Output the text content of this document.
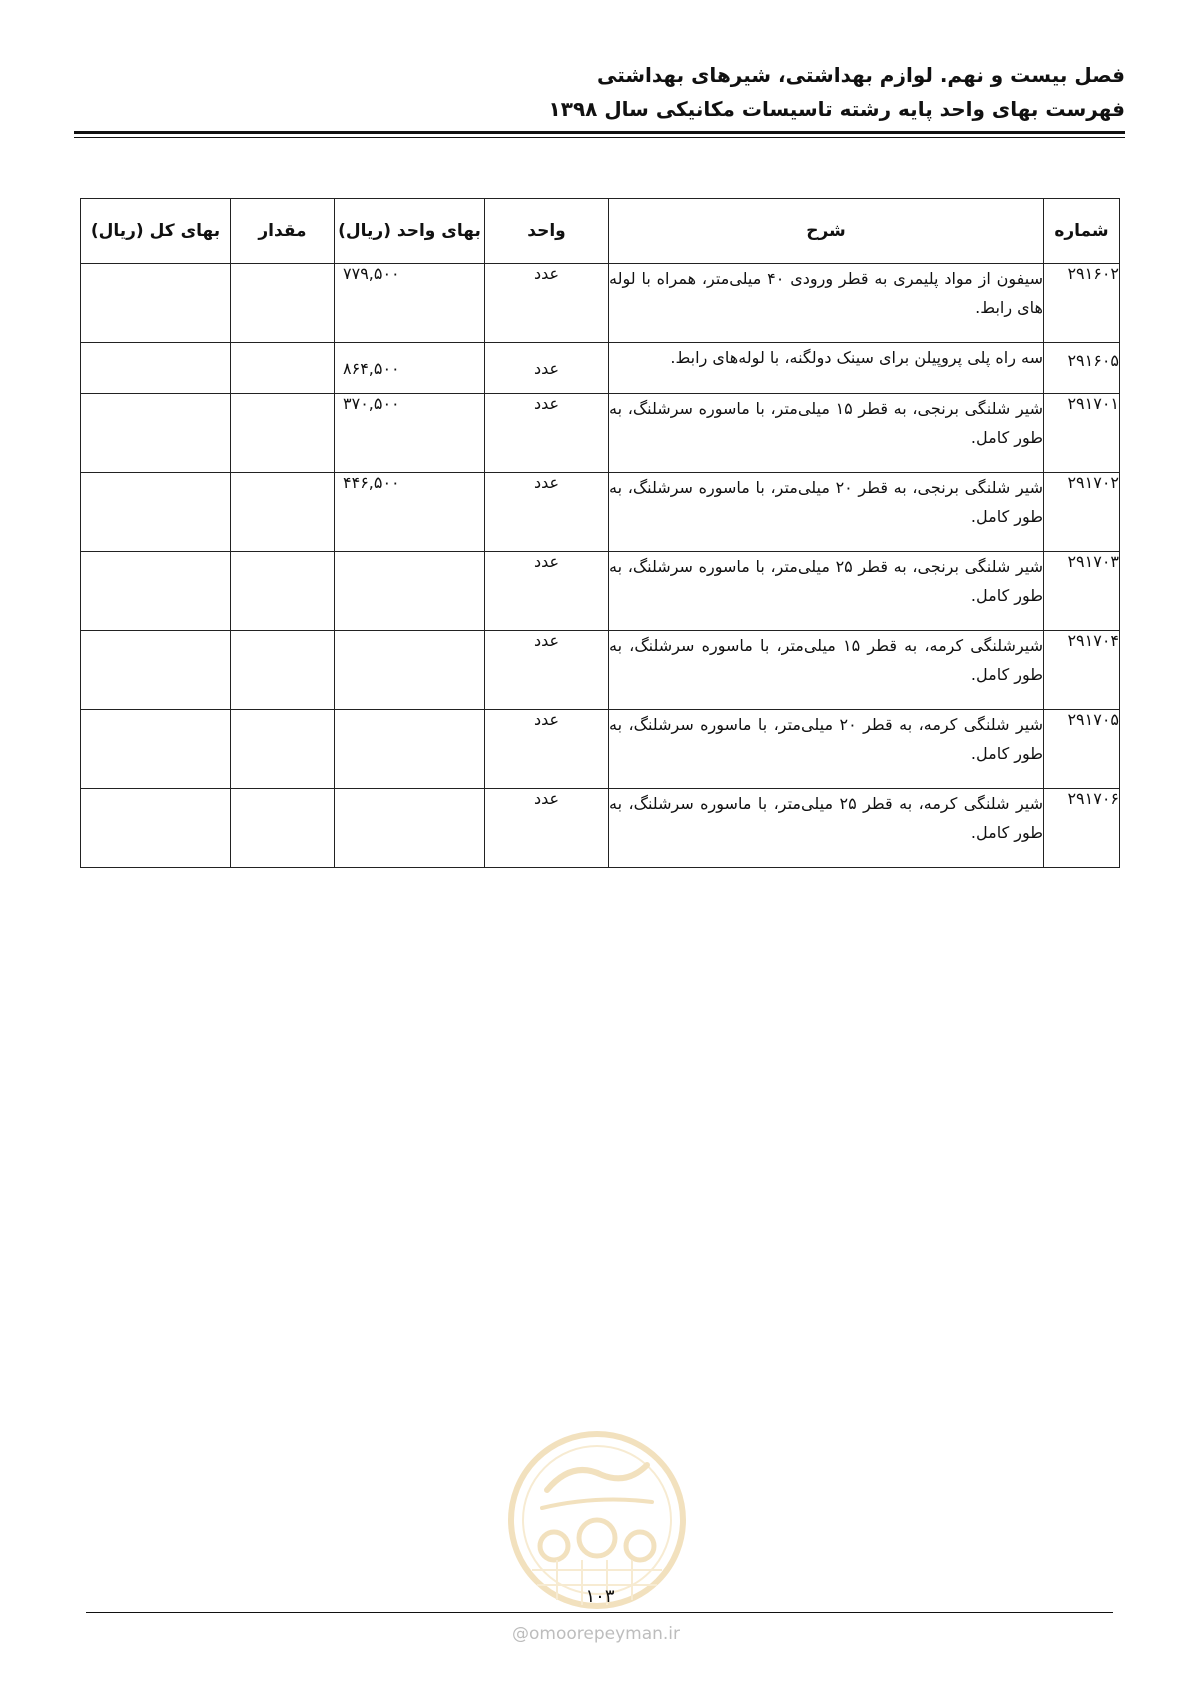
فصل بیست و نهم. لوازم بهداشتی، شیرهای بهداشتی
فهرست بهای واحد پایه رشته تاسیسات مکانیکی سال ۱۳۹۸
شماره	شرح	واحد	بهای واحد (ریال)	مقدار	بهای کل (ریال)
۲۹۱۶۰۲	سیفون از مواد پلیمری به قطر ورودی ۴۰ میلی‌متر، همراه با لوله های رابط.	عدد	۷۷۹,۵۰۰		

۲۹۱۶۰۵	سه راه پلی پروپیلن برای سینک دولگنه، با لوله‌های رابط.	عدد	۸۶۴,۵۰۰		

۲۹۱۷۰۱	شیر شلنگی برنجی، به قطر ۱۵ میلی‌متر، با ماسوره سرشلنگ، به طور کامل.	عدد	۳۷۰,۵۰۰		

۲۹۱۷۰۲	شیر شلنگی برنجی، به قطر ۲۰ میلی‌متر، با ماسوره سرشلنگ، به طور کامل.	عدد	۴۴۶,۵۰۰		

۲۹۱۷۰۳	شیر شلنگی برنجی، به قطر ۲۵ میلی‌متر، با ماسوره سرشلنگ، به طور کامل.	عدد	

۲۹۱۷۰۴	شیرشلنگی کرمه، به قطر ۱۵ میلی‌متر، با ماسوره سرشلنگ، به طور کامل.	عدد	

۲۹۱۷۰۵	شیر شلنگی کرمه، به قطر ۲۰ میلی‌متر، با ماسوره سرشلنگ، به طور کامل.	عدد	

۲۹۱۷۰۶	شیر شلنگی کرمه، به قطر ۲۵ میلی‌متر، با ماسوره سرشلنگ، به طور کامل.	عدد	

۱۰۳
@omoorepeyman.ir
